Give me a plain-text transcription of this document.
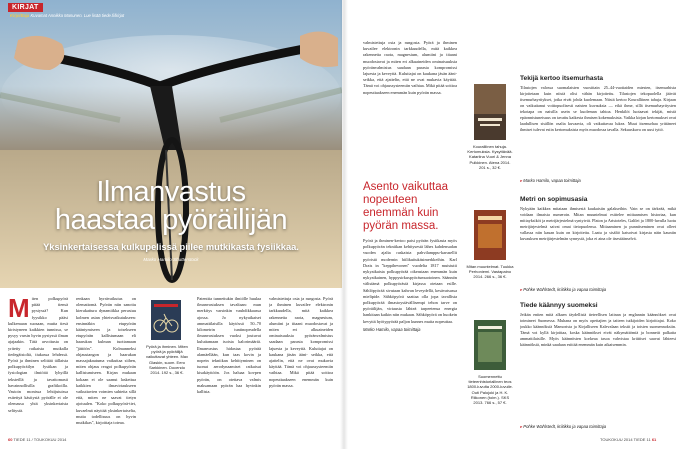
KIRJAT
Kirjoittaja Kuvamat Annikka Manunen. Lue lisää tiede.fi/kirjat
Ilmanvastus
haastaa pyöräilijän
Yksinkertaisessa kulkupelissä piilee mutkikasta fysiikkaa.
Marko Hamilo Shutterstock
M iten polkupyörä pitää tiensä pystyssä? Kun fyysikko pääsi kulkemaan suosaan, mutta tiesä kiristyneen kaikkien tunnissa, se pysyy varsin hyvin pystyssä ilman ajajaakin. Tätä arvoitusta on yritetty ratkaista mutkalla tiedegäistoltä, tiukassa lehdessä. Pyörä ja ihminen selittää tällaista polkupyöräilyn fysiikan ja fysiologian ilmiöitä lyhyillä teksteillä ja tavattomasti havainnollisilla grafiikoilla. Vastoin monissa lehtijutuissa esitettyä käsitystä pyörälle ei ole olemassa yhtä yksinkertaista selitystä.
renkaan hyrrävaikutus on olemattomä. Pyörän niin sanottu kierukattura dynamiikka perustuu kolmen asian yhteisvaikutukseen: ensinnäkin etupyörän kääntymiseen ja toisekseen etupyörän kallistumaan eli haarukan kulman tuottamaan "jättöön". Kolmanneksi ohjaustangon ja haarukan massajakautuma vaikuttaa siihen, miten ohjaus reagoi polkupyörän kallistumiseen. Kirjan mukaan kokaan ei ole saanut laskettua kaikkien ilmavirtaukseen vaikuttavien voimien suhteita sillä että, miten ne saavat tietyn ajotuulen. "Koko polkupyörä-tiet, kuvaelmä näyttää yksinkertaiselta, mutta todellisuus on hyvin mutkikas", kirjoittaja toteaa.
Pyörä ja ihminen. Miten pyörä ja pyöräilijä vaikuttavat yhteen. Max Glaskin, suom. Eero Sarkkinen. Docendo 2014. 192 s., 36 €.
Patenttia tunnettukin ilmiölle huulaa ilmanvastuksen tavaltaan: mun merkitys varsinkin vauhdikkaassa ajossa. Jo nykyaikaiset ammattilaisilla käytössä 50–70 kilometrin tuntinopeudella ilmanvastuksen vuoksi joutuvat kuluttamaan isoista kalorimääriä. Ilmanvastus hidastaa pyörää alamäellään, kun taas kovin ja nopein tekniikan kehittyminen on tuonut aerodynaamiset ratkaisut kisakäyttöön. Jos haluaa kovpen pyörän, on otettava valmis maksamaan pyörän haa hyvinkin kallista.
valmistettuja osia ja rungosta. Pyörä ja ihminen kuvailee elektronin tarkkuudella, mitä kaikkea rakennetta raota, magnesium, alumiini ja titaani muodostavat ja miten eri alkuaineiden ominaisuuksia pyöränvalmistus saadaan parasta kompromissi lajuesta ja keveyttä. Kuluttajat on kaukana jäsän ääni- seikka, että ajattelin, että ne ovat mukavia käyttää. Tämä voi ohjaussysteemiin vaihtaa. Mikä pitää soittoa nopeuttaakseen enemmän kuin pyörän massa.
60 TIEDE 11 / TOUKOKUU 2014
valmistettuja osia ja rungosta. Pyörä ja ihminen kuvailee elektronin tarkkuudella, mitä kaikkea rakennetta raota, magnesium, alumiini ja titaani muodostavat ja miten eri alkuaineiden ominaisuuksia pyöränvalmistus saadaan parasta kompromissi lajuesta ja keveyttä. Kuluttajat on kaukana jäsän ääni- seikka, että ajattelin, että ne ovat mukavia käyttää. Tämä voi ohjaussysteemiin vaihtaa. Mikä pitää soittoa nopeuttaakseen enemmän kuin pyörän massa.
Asento vaikuttaa nopeuteen enemmän kuin pyörän massa.

Pyörä ja ihminen-kertoo paisi pyörän fysiikasta myös polkupyörän tekniikan kehitysestä lähes kahdensadan vuoden ajalta raskaista pahvilamppu-karusellit pyöristä modernin hiilikuitukäsimerkkeihin. Karl Drais in "keppihevonen" vuodelta 1817 muistutti nykyaikaista polkupyörää oikeastaan enemmän kuin nykyaikainen, hyppysirkuspyöräsmuotoinen. Säännön välistämä polkupyörästä kirjassa otetaan esille. Sählöpyörää sivutaan kahvan leveydellä, kesävatsassa mielipide. Sähköpyörä saattaa olla jopa tavallista polkupyörää ilmastoystävällisempi tehon tarve on pyöräilijän, virtausta lähteä tarpeetensa energia hankitaan kaikin niin mukaan. Sähköpyörä on huokein kevyttä hyötypyörää paljon kunnes muita nopeuttaa.

Marko Hamilo, vapaa toimittaja

Kouralliinen tahuja. Kertomuksia. Kysyttävää. Katariina Vuori & Jenna Pulkkinen. Atena 2014. 201 s., 32 €.
Mitan muuntelmat. Tuukka Perhoniemi. Vastapaino 2014. 266 s., 36 €.
Suomennettu tieteenhistoriallinen teos 1800-luvulta 2000-luvulle. Outi Palojoki ja H. K. Riikonen (toim.). SKS 2013. 766 s., 57 €.
Tekijä kertoo itsemurhasta
Tilastojen valossa suomalaisten vuosittain 25–44-vuotiaiden miesten, itsemurhista kirjoitetaan kuin niistä olisi vähän kirjoitettu. Tilastojen tekopuolella jäävät itsemurhayritykset, jotka eivät johda kuolemaan. Niistä kertoo Kouralliinen tahuja. Kirjaan on vaikuttanut voittopuolisesti naisten kuvauksia — eikä ihme, sillä itsemurhayritysten tekotapa on naisilla usein se kuoleman tahtoa. Henkilöt luotaavat tekijät, mistä epäonnistuneisuus on tavattu kaikesta ihmisen kokemuksista. Vaikka kirjan kertomukset ovat laadullisen sisällön osalta kuvaavia, oli vaikuttavaa lukea. Muut itsemurhaa yrittäneet ihmiset tulevat esiin kertomuksista myös muodossa tavalla. Sekuuskuva on uusi tyttö.
▸ Marko Hamilo, vapaa toimittaja
Metri on sopimusasia
Nykyään kaikkea mitataan ihmisestä kaukaisiin galakseihin. Vain se on tärkeää, mikä voidaan ilmaista numeroin. Mitan muuntelmat esittelee mittaamisen historiaa, kun mittayksiköt ja metrijärjestelmä syntyivät. Platon ja Aristoteles, Galilei ja 1800-luvulla luotu metrijärjestelmä saivat omat tietopuolensa. Mittaaminen ja punnitseminen ovat olleet vallassa niin kauan kuin on kirjoitettu. Laatu ja sisältö katsoivat kirjasta näin kauniin kuvauksen metrijärjestelmän synnystä, joka ei aina ole itsestäänselvä.
▸ Pohke Wahlstedt, kriitikko ja vapaa toimittaja
Tiede käännyy suomeksi
Jeikän eniten mitä alkaen täydellistä tieteellisen latinan ja englannin käännökset ovat toimineet Suomessa. Muhana on myös opettajien ja taiteen tutkijoiden kirjoittajat. Koko joukko käännöksiä Mamorista ja Kirjalliseen Kalevalaan tekstit ja toisten suomennoksiin. Tämä voi kyllä kirjoittaa, koska käännökset eivät näkymättömiä ja bonnetit palkatta ammattilaisille. Myös käännösten korkeaa tasoa vahvistaa kriittiset saavat lähteesi käännöksiä, minkä saadaan esittää enemmän kuin aikaisemmin.
▸ Pohke Wahlstedt, kriitikko ja vapaa toimittaja
TOUKOKUU 2014 TIEDE 11 61
